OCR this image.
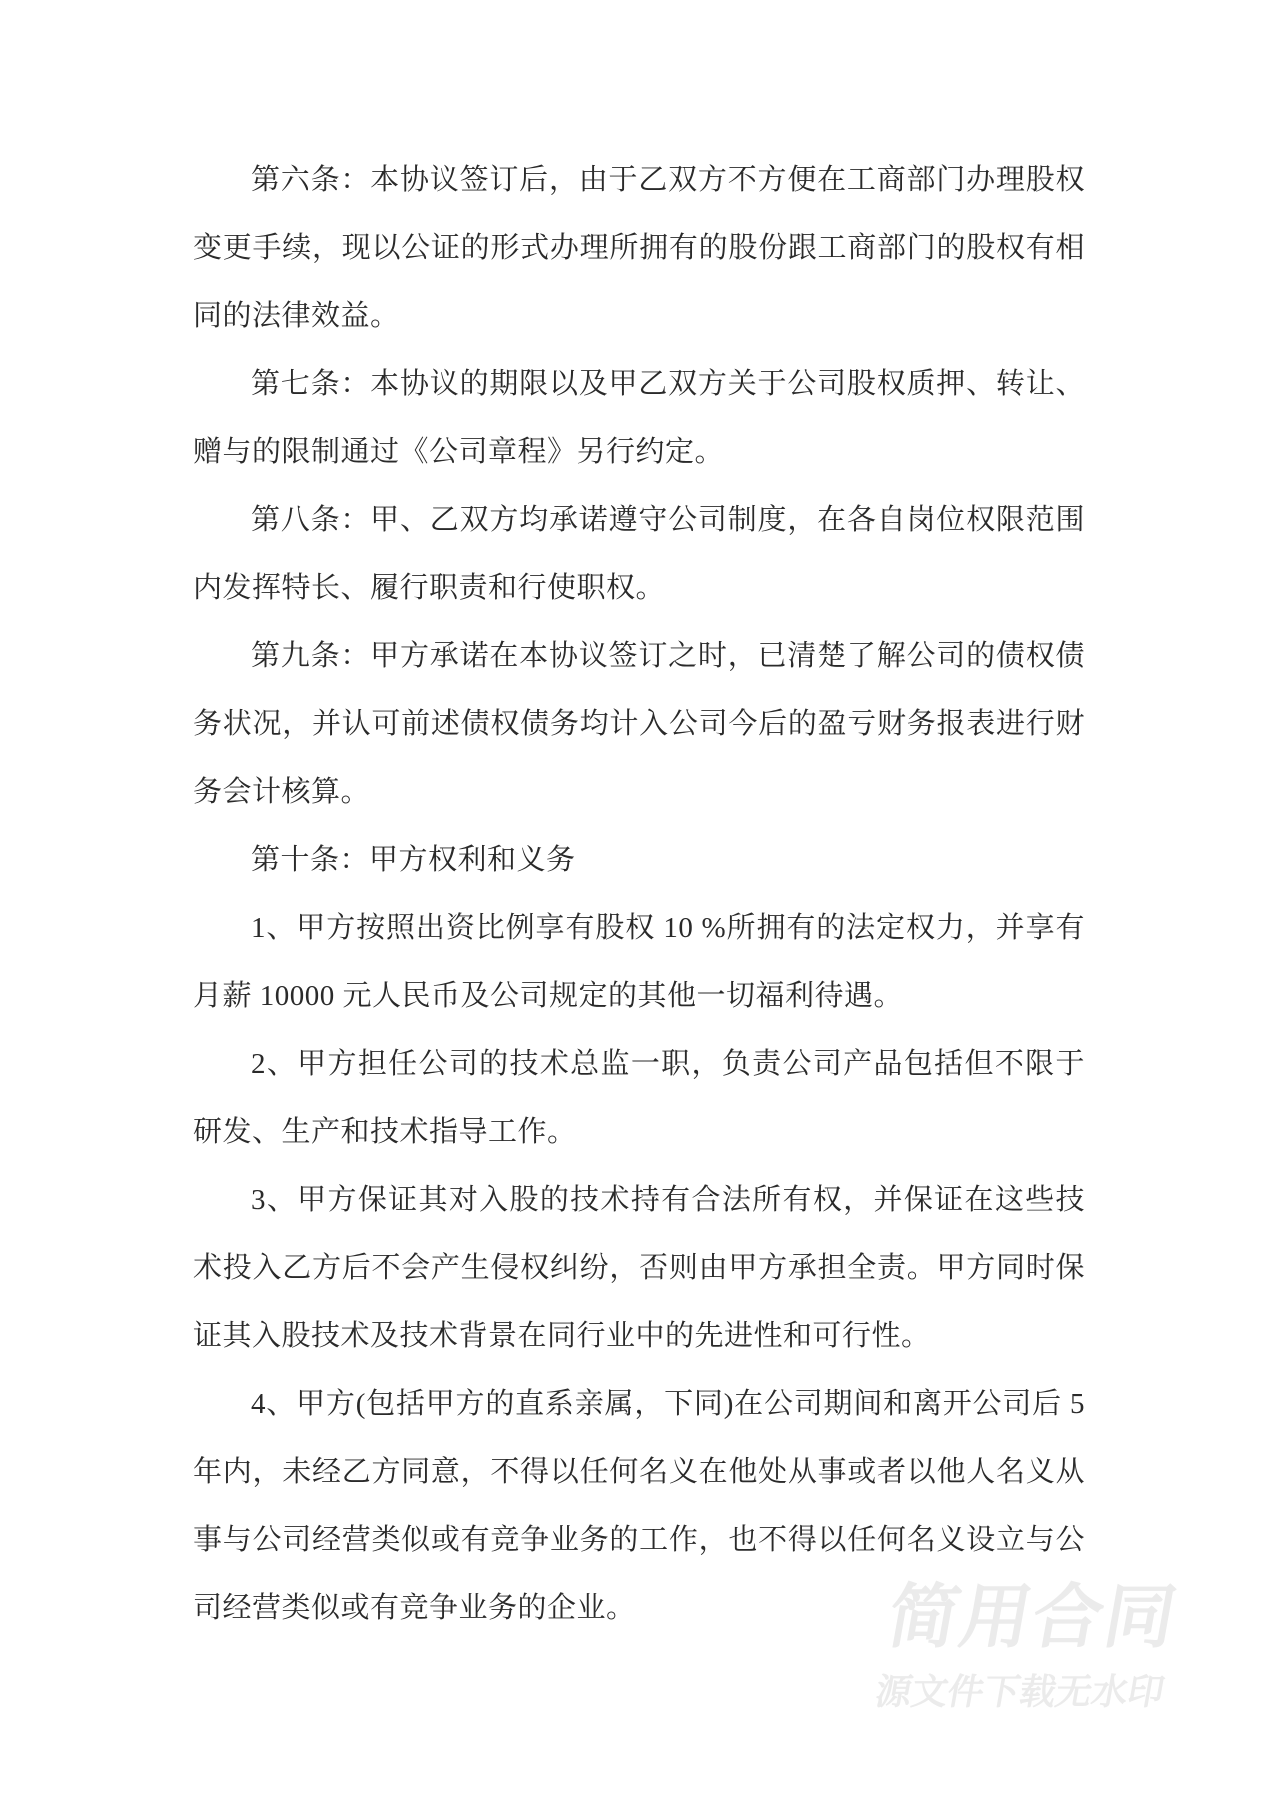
第六条：本协议签订后，由于乙双方不方便在工商部门办理股权变更手续，现以公证的形式办理所拥有的股份跟工商部门的股权有相同的法律效益。

第七条：本协议的期限以及甲乙双方关于公司股权质押、转让、赠与的限制通过《公司章程》另行约定。

第八条：甲、乙双方均承诺遵守公司制度，在各自岗位权限范围内发挥特长、履行职责和行使职权。

第九条：甲方承诺在本协议签订之时，已清楚了解公司的债权债务状况，并认可前述债权债务均计入公司今后的盈亏财务报表进行财务会计核算。

第十条：甲方权利和义务

1、甲方按照出资比例享有股权 10 %所拥有的法定权力，并享有月薪 10000 元人民币及公司规定的其他一切福利待遇。

2、甲方担任公司的技术总监一职，负责公司产品包括但不限于研发、生产和技术指导工作。

3、甲方保证其对入股的技术持有合法所有权，并保证在这些技术投入乙方后不会产生侵权纠纷，否则由甲方承担全责。甲方同时保证其入股技术及技术背景在同行业中的先进性和可行性。

4、甲方(包括甲方的直系亲属，下同)在公司期间和离开公司后 5 年内，未经乙方同意，不得以任何名义在他处从事或者以他人名义从事与公司经营类似或有竞争业务的工作，也不得以任何名义设立与公司经营类似或有竞争业务的企业。	简用合同
源文件下载无水印
